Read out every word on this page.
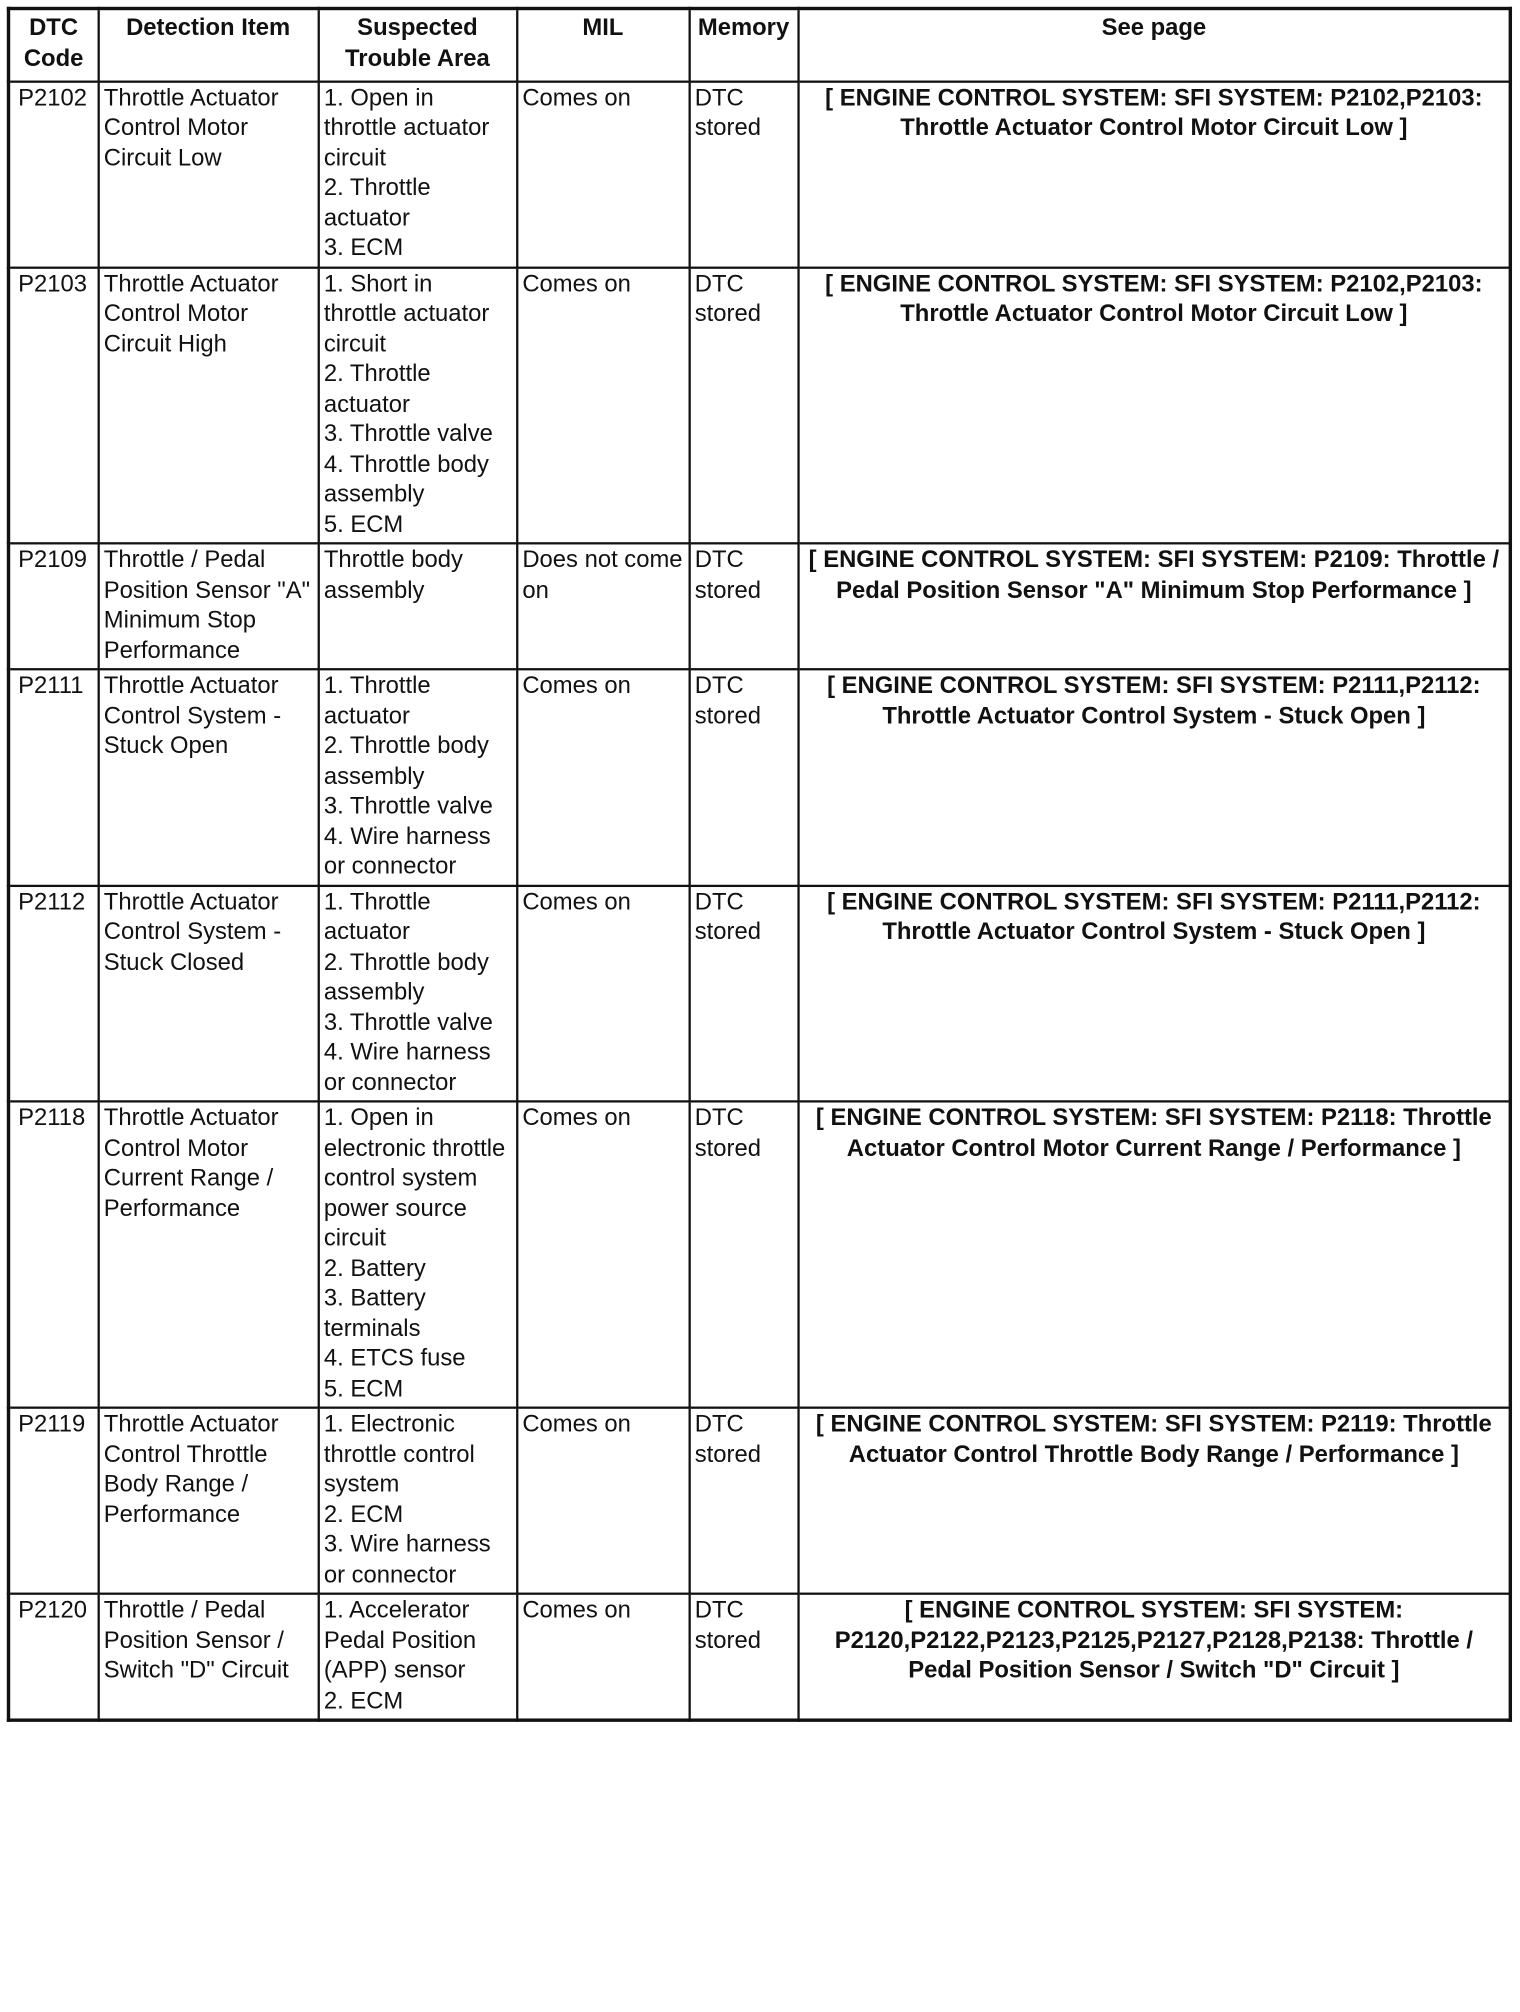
DTC Code	Detection Item	Suspected Trouble Area	MIL	Memory	See page
P2102	Throttle Actuator Control Motor Circuit Low	1. Open in throttle actuator circuit
2. Throttle actuator
3. ECM	Comes on	DTC stored	[ ENGINE CONTROL SYSTEM: SFI SYSTEM: P2102,P2103: Throttle Actuator Control Motor Circuit Low ]
P2103	Throttle Actuator Control Motor Circuit High	1. Short in throttle actuator circuit
2. Throttle actuator
3. Throttle valve
4. Throttle body assembly
5. ECM	Comes on	DTC stored	[ ENGINE CONTROL SYSTEM: SFI SYSTEM: P2102,P2103: Throttle Actuator Control Motor Circuit Low ]
P2109	Throttle / Pedal Position Sensor "A" Minimum Stop Performance	Throttle body assembly	Does not come on	DTC stored	[ ENGINE CONTROL SYSTEM: SFI SYSTEM: P2109: Throttle / Pedal Position Sensor "A" Minimum Stop Performance ]
P2111	Throttle Actuator Control System - Stuck Open	1. Throttle actuator
2. Throttle body assembly
3. Throttle valve
4. Wire harness or connector	Comes on	DTC stored	[ ENGINE CONTROL SYSTEM: SFI SYSTEM: P2111,P2112: Throttle Actuator Control System - Stuck Open ]
P2112	Throttle Actuator Control System - Stuck Closed	1. Throttle actuator
2. Throttle body assembly
3. Throttle valve
4. Wire harness or connector	Comes on	DTC stored	[ ENGINE CONTROL SYSTEM: SFI SYSTEM: P2111,P2112: Throttle Actuator Control System - Stuck Open ]
P2118	Throttle Actuator Control Motor Current Range / Performance	1. Open in electronic throttle control system power source circuit
2. Battery
3. Battery terminals
4. ETCS fuse
5. ECM	Comes on	DTC stored	[ ENGINE CONTROL SYSTEM: SFI SYSTEM: P2118: Throttle Actuator Control Motor Current Range / Performance ]
P2119	Throttle Actuator Control Throttle Body Range / Performance	1. Electronic throttle control system
2. ECM
3. Wire harness or connector	Comes on	DTC stored	[ ENGINE CONTROL SYSTEM: SFI SYSTEM: P2119: Throttle Actuator Control Throttle Body Range / Performance ]
P2120	Throttle / Pedal Position Sensor / Switch "D" Circuit	1. Accelerator Pedal Position (APP) sensor
2. ECM	Comes on	DTC stored	[ ENGINE CONTROL SYSTEM: SFI SYSTEM: P2120,P2122,P2123,P2125,P2127,P2128,P2138: Throttle / Pedal Position Sensor / Switch "D" Circuit ]
